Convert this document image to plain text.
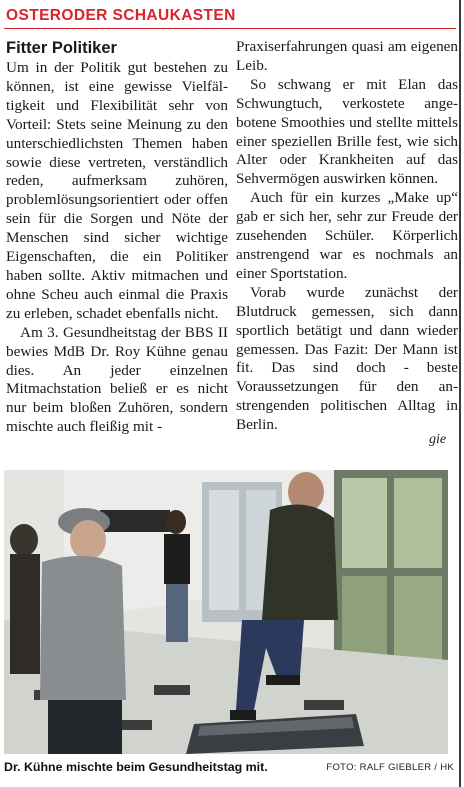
OSTERODER SCHAUKASTEN
Fitter Politiker

Um in der Politik gut bestehen zu können, ist eine gewisse Vielfältigkeit und Flexibilität sehr von Vorteil: Stets seine Meinung zu den unterschiedlichsten Themen haben sowie diese vertreten, verständlich reden, aufmerksam zuhören, problemlösungsorientiert oder offen sein für die Sorgen und Nöte der Menschen sind sicher wichtige Eigenschaften, die ein Politiker haben sollte. Aktiv mitmachen und ohne Scheu auch einmal die Praxis zu erleben, schadet ebenfalls nicht.

Am 3. Gesundheitstag der BBS II bewies MdB Dr. Roy Kühne genau dies. An jeder einzelnen Mitmachstation beließ er es nicht nur beim bloßen Zuhören, sondern mischte auch fleißig mit -

Praxiserfahrungen quasi am eigenen Leib.

So schwang er mit Elan das Schwungtuch, verkostete angebotene Smoothies und stellte mittels einer speziellen Brille fest, wie sich Alter oder Krankheiten auf das Sehvermögen auswirken können.

Auch für ein kurzes „Make up“ gab er sich her, sehr zur Freude der zusehenden Schüler. Körperlich anstrengend war es nochmals an einer Sportstation.

Vorab wurde zunächst der Blutdruck gemessen, sich dann sportlich betätigt und dann wieder gemessen. Das Fazit: Der Mann ist fit. Das sind doch - beste Voraussetzungen für den anstrengenden politischen Alltag in Berlin.

gie
Dr. Kühne mischte beim Gesundheitstag mit.	FOTO: RALF GIEBLER / HK
